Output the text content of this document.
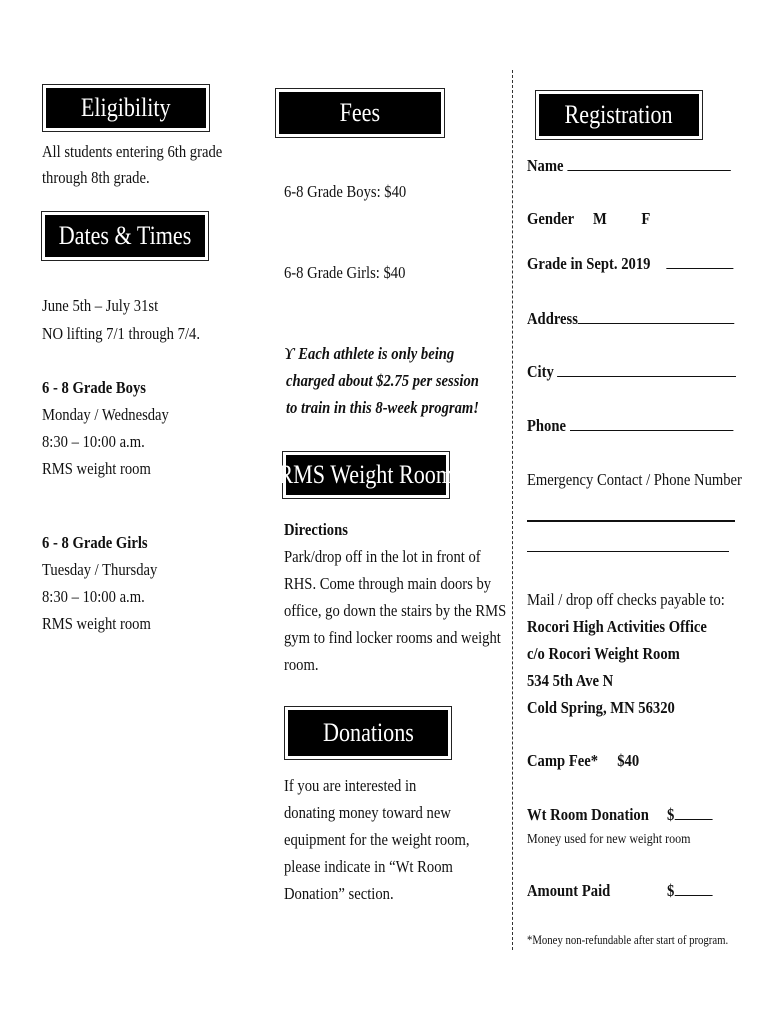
Eligibility
All students entering 6th grade
through 8th grade.
Dates & Times
June 5th – July 31st
NO lifting 7/1 through 7/4.
6 - 8 Grade Boys
Monday / Wednesday
8:30 – 10:00 a.m.
RMS weight room
6 - 8 Grade Girls
Tuesday / Thursday
8:30 – 10:00 a.m.
RMS weight room
Fees
6-8 Grade Boys: $40
6-8 Grade Girls: $40
ϒ Each athlete is only being
charged about $2.75 per session
to train in this 8-week program!
RMS Weight Room
Directions
Park/drop off in the lot in front of
RHS. Come through main doors by
office, go down the stairs by the RMS
gym to find locker rooms and weight
room.
Donations
If you are interested in
donating money toward new
equipment for the weight room,
please indicate in “Wt Room
Donation” section.
Registration
Name
Gender M F
Grade in Sept. 2019
Address
City
Phone
Emergency Contact / Phone Number
Mail / drop off checks payable to:
Rocori High Activities Office
c/o Rocori Weight Room
534 5th Ave N
Cold Spring, MN 56320
Camp Fee* $40
Wt Room Donation $
Money used for new weight room
Amount Paid	$
*Money non-refundable after start of program.
